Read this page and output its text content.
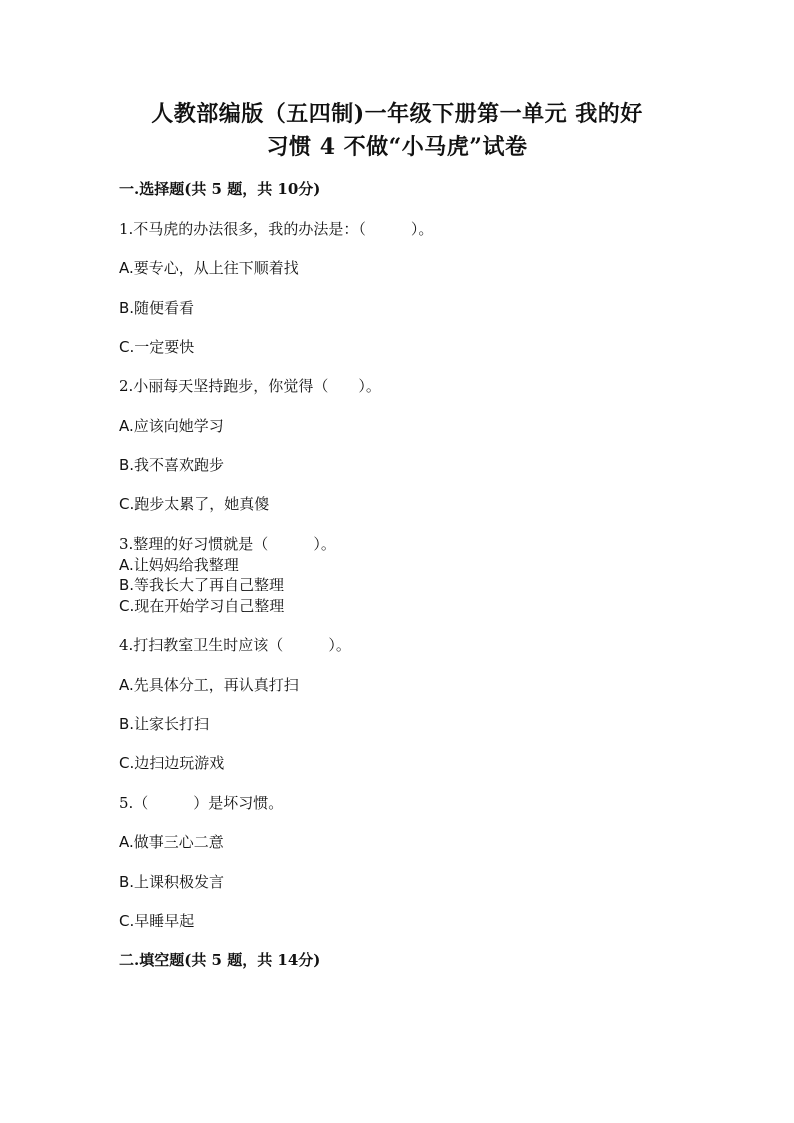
人教部编版（五四制)一年级下册第一单元 我的好
习惯 4 不做“小马虎”试卷
一.选择题(共 5 题，共 10分)
1.不马虎的办法很多，我的办法是：（　　　）。
A.要专心，从上往下顺着找
B.随便看看
C.一定要快
2.小丽每天坚持跑步，你觉得（　　）。
A.应该向她学习
B.我不喜欢跑步
C.跑步太累了，她真傻
3.整理的好习惯就是（　　　）。
A.让妈妈给我整理
B.等我长大了再自己整理
C.现在开始学习自己整理
4.打扫教室卫生时应该（　　　）。
A.先具体分工，再认真打扫
B.让家长打扫
C.边扫边玩游戏
5.（　　　）是坏习惯。
A.做事三心二意
B.上课积极发言
C.早睡早起
二.填空题(共 5 题，共 14分)
